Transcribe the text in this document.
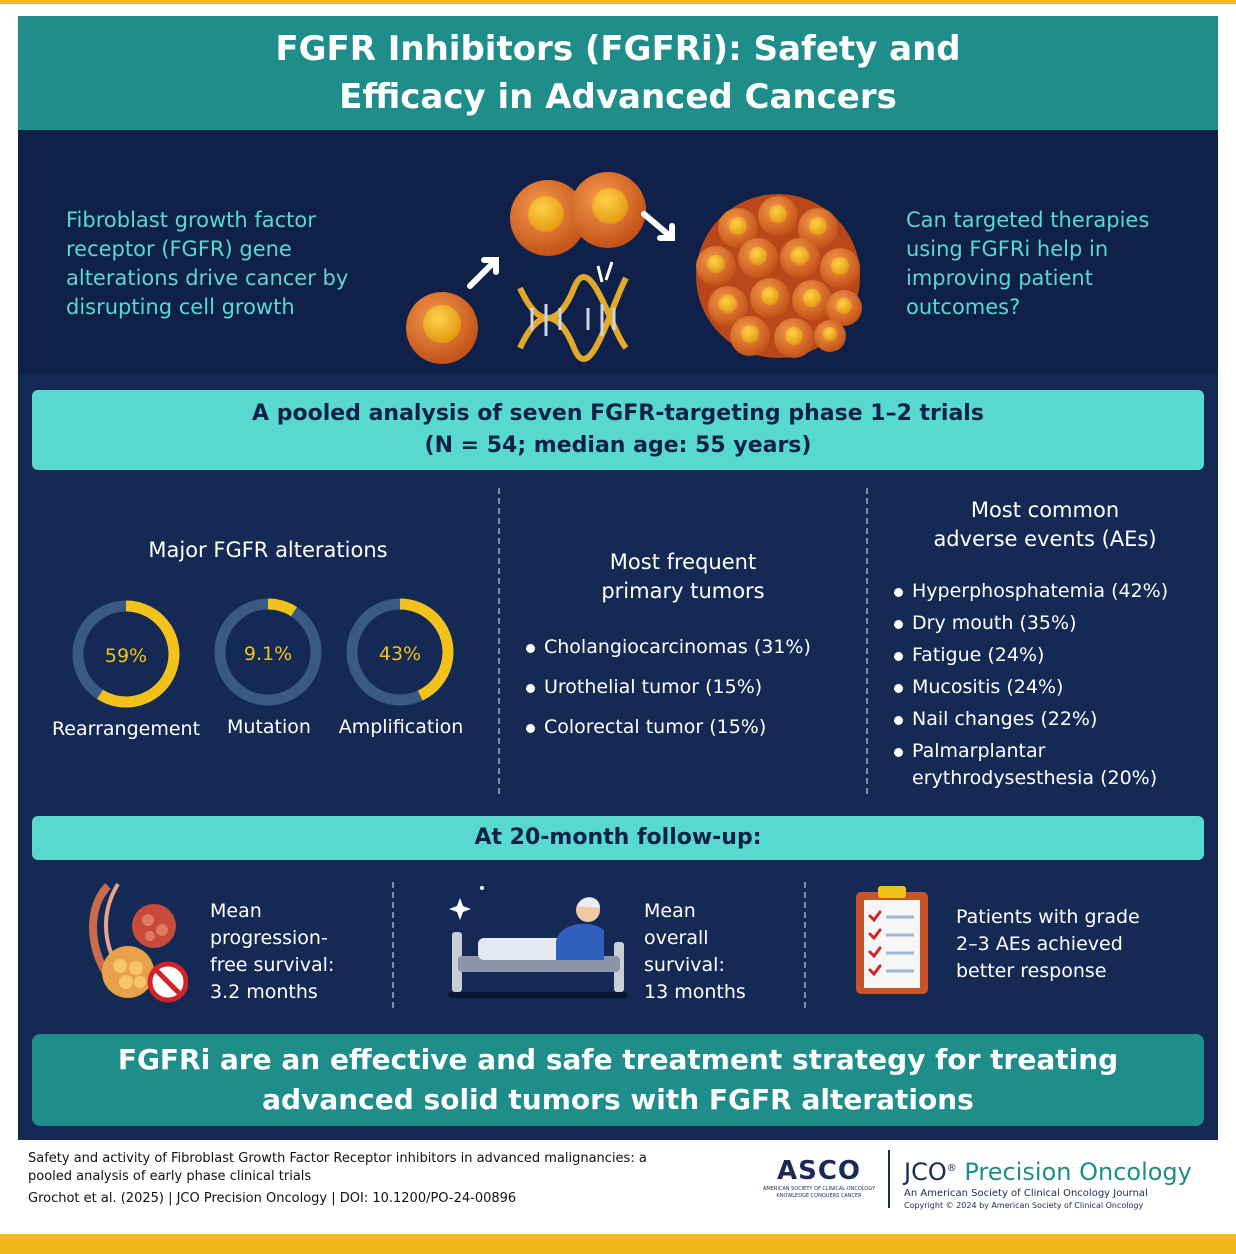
FGFR Inhibitors (FGFRi): Safety and
Efficacy in Advanced Cancers
Fibroblast growth factor receptor (FGFR) gene alterations drive cancer by disrupting cell growth
Can targeted therapies using FGFRi help in improving patient outcomes?
A pooled analysis of seven FGFR-targeting phase 1–2 trials
(N = 54; median age: 55 years)
Major FGFR alterations
59%	9.1%	43%
Rearrangement	Mutation	Amplification
Most frequent
primary tumors
Cholangiocarcinomas (31%)
Urothelial tumor (15%)
Colorectal tumor (15%)
Most common
adverse events (AEs)
Hyperphosphatemia (42%)
Dry mouth (35%)
Fatigue (24%)
Mucositis (24%)
Nail changes (22%)
Palmarplantar erythrodysesthesia (20%)
At 20-month follow-up:
Mean
progression-
free survival:
3.2 months
Mean
overall
survival:
13 months
Patients with grade
2–3 AEs achieved
better response
FGFRi are an effective and safe treatment strategy for treating
advanced solid tumors with FGFR alterations
Safety and activity of Fibroblast Growth Factor Receptor inhibitors in advanced malignancies: a pooled analysis of early phase clinical trials
Grochot et al. (2025) | JCO Precision Oncology | DOI: 10.1200/PO-24-00896
ASCO
AMERICAN SOCIETY OF CLINICAL ONCOLOGY
KNOWLEDGE CONQUERS CANCER
JCO® Precision Oncology
An American Society of Clinical Oncology Journal
Copyright © 2024 by American Society of Clinical Oncology
